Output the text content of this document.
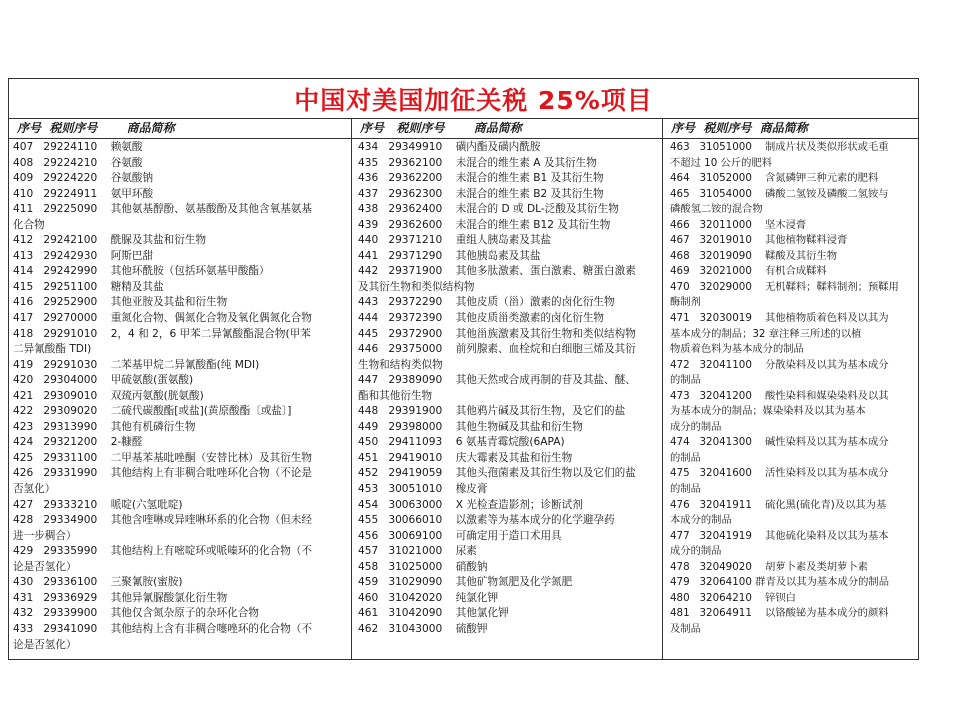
中国对美国加征关税 25%项目
序号  税则序号       商品简称	序号   税则序号       商品简称	序号  税则序号  商品简称
407   29224110    赖氨酸
408   29224210    谷氨酸
409   29224220    谷氨酸钠
410   29224911    氨甲环酸
411   29225090    其他氨基醇酚、氨基酸酚及其他含氧基氨基
化合物
412   29242100    酰脲及其盐和衍生物
413   29242930    阿斯巴甜
414   29242990    其他环酰胺（包括环氨基甲酸酯）
415   29251100    糖精及其盐
416   29252900    其他亚胺及其盐和衍生物
417   29270000    重氮化合物、偶氮化合物及氧化偶氮化合物
418   29291010    2，4 和 2，6 甲苯二异氰酸酯混合物(甲苯
二异氰酸酯 TDI)
419   29291030    二苯基甲烷二异氰酸酯(纯 MDI)
420   29304000    甲硫氨酸(蛋氨酸)
421   29309010    双巯丙氨酸(胱氨酸)
422   29309020    二硫代碳酸酯[或盐](黄原酸酯〔或盐〕]
423   29313990    其他有机磷衍生物
424   29321200    2-糠醛
425   29331100    二甲基苯基吡唑酮（安替比林）及其衍生物
426   29331990    其他结构上有非稠合吡唑环化合物（不论是
否氢化）
427   29333210    哌啶(六氢吡啶)
428   29334900    其他含喹啉或异喹啉环系的化合物（但未经
进一步稠合）
429   29335990    其他结构上有嘧啶环或哌嗪环的化合物（不
论是否氢化）
430   29336100    三聚氰胺(蜜胺)
431   29336929    其他异氰脲酸氯化衍生物
432   29339900    其他仅含氮杂原子的杂环化合物
433   29341090    其他结构上含有非稠合噻唑环的化合物（不
论是否氢化）
434   29349910    磺内酯及磺内酰胺
435   29362100    未混合的维生素 A 及其衍生物
436   29362200    未混合的维生素 B1 及其衍生物
437   29362300    未混合的维生素 B2 及其衍生物
438   29362400    未混合的 D 或 DL-泛酸及其衍生物
439   29362600    未混合的维生素 B12 及其衍生物
440   29371210    重组人胰岛素及其盐
441   29371290    其他胰岛素及其盐
442   29371900    其他多肽激素、蛋白激素、糖蛋白激素
及其衍生物和类似结构物
443   29372290    其他皮质（甾）激素的卤化衍生物
444   29372390    其他皮质甾类激素的卤化衍生物
445   29372900    其他甾族激素及其衍生物和类似结构物
446   29375000    前列腺素、血栓烷和白细胞三烯及其衍
生物和结构类似物
447   29389090    其他天然或合成再制的苷及其盐、醚、
酯和其他衍生物
448   29391900    其他鸦片碱及其衍生物，及它们的盐
449   29398000    其他生物碱及其盐和衍生物
450   29411093    6 氨基青霉烷酸(6APA)
451   29419010    庆大霉素及其盐和衍生物
452   29419059    其他头孢菌素及其衍生物以及它们的盐
453   30051010    橡皮膏
454   30063000    X 光检查造影剂；诊断试剂
455   30066010    以激素等为基本成分的化学避孕药
456   30069100    可确定用于造口术用具
457   31021000    尿素
458   31025000    硝酸钠
459   31029090    其他矿物氮肥及化学氮肥
460   31042020    纯氯化钾
461   31042090    其他氯化钾
462   31043000    硫酸钾
463   31051000    制成片状及类似形状或毛重
不超过 10 公斤的肥料
464   31052000    含氮磷钾三种元素的肥料
465   31054000    磷酸二氢铵及磷酸二氢铵与
磷酸氢二铵的混合物
466   32011000    坚木浸膏
467   32019010    其他植物鞣料浸膏
468   32019090    鞣酸及其衍生物
469   32021000    有机合成鞣料
470   32029000    无机鞣料；鞣料制剂；预鞣用
酶制剂
471   32030019    其他植物质着色料及以其为
基本成分的制品；32 章注释三所述的以植
物质着色料为基本成分的制品
472   32041100    分散染料及以其为基本成分
的制品
473   32041200    酸性染料和媒染染料及以其
为基本成分的制品；媒染染料及以其为基本
成分的制品
474   32041300    碱性染料及以其为基本成分
的制品
475   32041600    活性染料及以其为基本成分
的制品
476   32041911    硫化黑(硫化青)及以其为基
本成分的制品
477   32041919    其他硫化染料及以其为基本
成分的制品
478   32049020    胡萝卜素及类胡萝卜素
479   32064100 群青及以其为基本成分的制品
480   32064210    锌钡白
481   32064911    以铬酸铋为基本成分的颜料
及制品
